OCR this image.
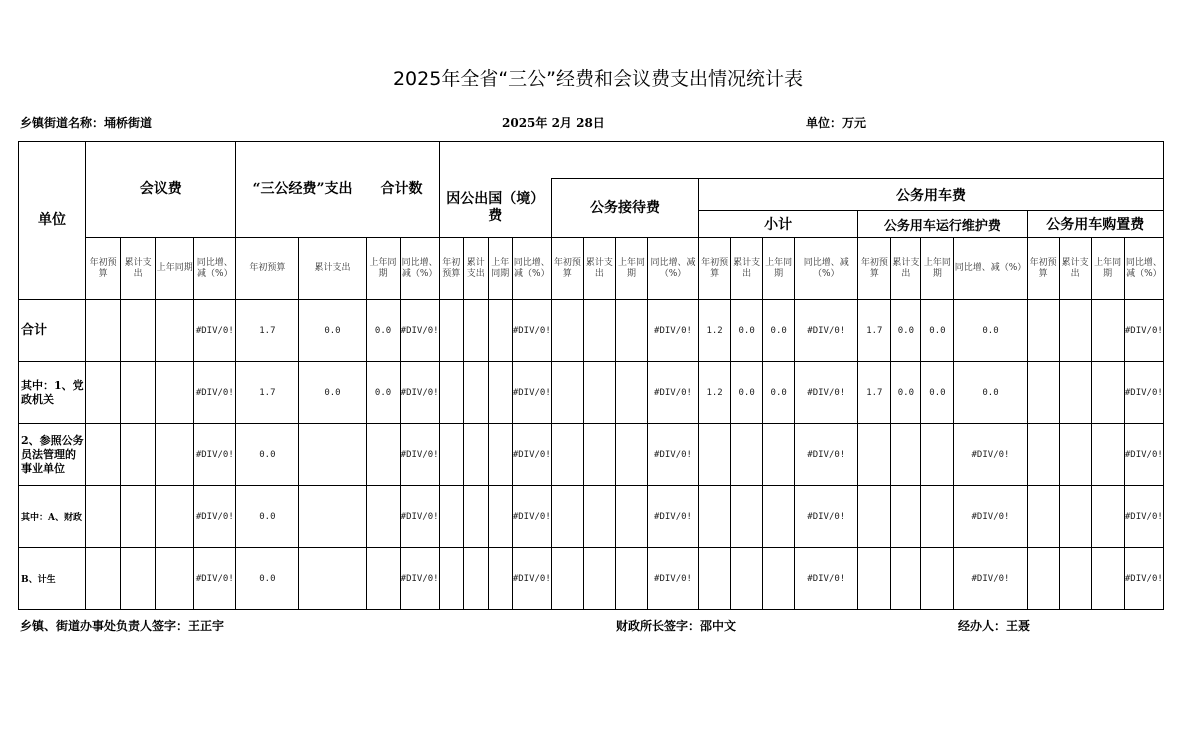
2025年全省“三公”经费和会议费支出情况统计表
乡镇街道名称：埇桥街道	2025年 2月 28日	单位：万元
单位	会议费				“三公经费”支出　　合计数																							
									因公出国（境）费				公务接待费				公务用车费											
																	小计				公务用车运行维护费				公务用车购置费			
	年初预算	累计支出	上年同期	同比增、减（%）	年初预算	累计支出	上年同期	同比增、减（%）	年初预算	累计支出	上年同期	同比增、减（%）	年初预算	累计支出	上年同期	同比增、减（%）	年初预算	累计支出	上年同期	同比增、减（%）	年初预算	累计支出	上年同期	同比增、减（%）	年初预算	累计支出	上年同期	同比增、减（%）
合计				#DIV/0!	1.7	0.0	0.0	#DIV/0!				#DIV/0!				#DIV/0!	1.2	0.0	0.0	#DIV/0!	1.7	0.0	0.0	0.0				#DIV/0!
其中：1、党政机关				#DIV/0!	1.7	0.0	0.0	#DIV/0!				#DIV/0!				#DIV/0!	1.2	0.0	0.0	#DIV/0!	1.7	0.0	0.0	0.0				#DIV/0!
2、参照公务员法管理的事业单位				#DIV/0!	0.0			#DIV/0!				#DIV/0!				#DIV/0!				#DIV/0!				#DIV/0!				#DIV/0!
其中：A、财政				#DIV/0!	0.0			#DIV/0!				#DIV/0!				#DIV/0!				#DIV/0!				#DIV/0!				#DIV/0!
B、计生				#DIV/0!	0.0			#DIV/0!				#DIV/0!				#DIV/0!				#DIV/0!				#DIV/0!				#DIV/0!
乡镇、街道办事处负责人签字：王正宇	财政所长签字：邵中文	经办人：王聂
